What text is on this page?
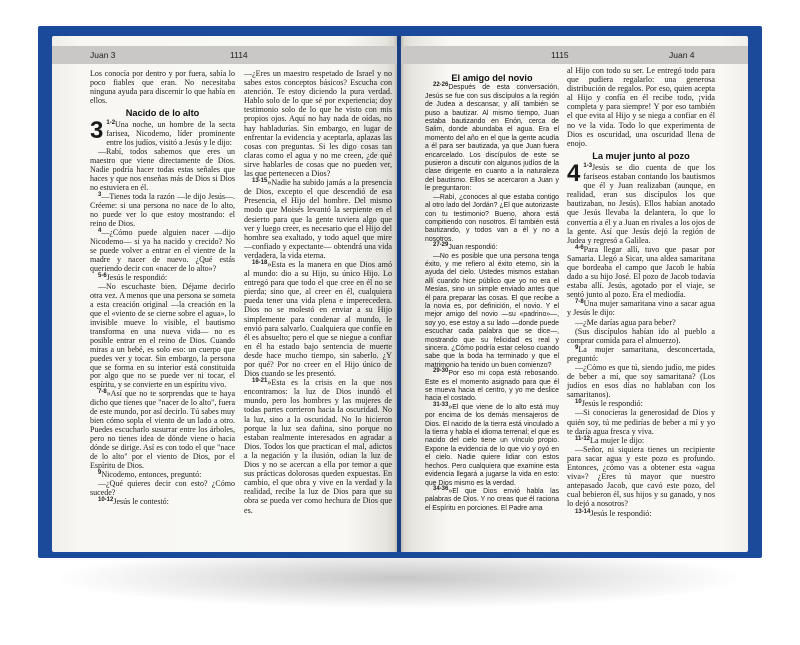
Juan 3	1114

Los conocía por dentro y por fuera, sabía lo poco fiables que eran. No necesitaba ninguna ayuda para discernir lo que había en ellos.

Nacido de lo alto

3 $^{1-2}$Una noche, un hombre de la secta farisea, Nicodemo, líder prominente entre los judíos, visitó a Jesús y le dijo:

—Rabí, todos sabemos que eres un maestro que viene directamente de Dios. Nadie podría hacer todas estas señales que haces y que nos enseñas más de Dios si Dios no estuviera en él.

$^3$—Tienes toda la razón —le dijo Jesús—. Créeme: si una persona no nace de lo alto, no puede ver lo que estoy mostrando: el reino de Dios.

$^4$—¿Cómo puede alguien nacer —dijo Nicodemo— si ya ha nacido y crecido? No se puede volver a entrar en el vientre de la madre y nacer de nuevo. ¿Qué estás queriendo decir con «nacer de lo alto»?

$^{5-6}$Jesús le respondió:

—No escuchaste bien. Déjame decirlo otra vez. A menos que una persona se someta a esta creación original —la creación en la que el «viento de se cierne sobre el agua», lo invisible mueve lo visible, el bautismo transforma en una nueva vida— no es posible entrar en el reino de Dios. Cuando miras a un bebé, es solo eso: un cuerpo que puedes ver y tocar. Sin embargo, la persona que se forma en su interior está constituida por algo que no se puede ver ni tocar, el espíritu, y se convierte en un espíritu vivo.

$^{7-8}$»Así que no te sorprendas que te haya dicho que tienes que "nacer de lo alto", fuera de este mundo, por así decirlo. Tú sabes muy bien cómo sopla el viento de un lado a otro. Puedes escucharlo susurrar entre los árboles, pero no tienes idea de dónde viene o hacia dónde se dirige. Así es con todo el que "nace de lo alto" por el viento de Dios, por el Espíritu de Dios.

$^9$Nicodemo, entonces, preguntó:

—¿Qué quieres decir con esto? ¿Cómo sucede?

$^{10-12}$Jesús le contestó:

—¿Eres un maestro respetado de Israel y no sabes estos conceptos básicos? Escucha con atención. Te estoy diciendo la pura verdad. Hablo solo de lo que sé por experiencia; doy testimonio solo de lo que he visto con mis propios ojos. Aquí no hay nada de oídas, no hay habladurías. Sin embargo, en lugar de enfrentar la evidencia y aceptarla, aplazas las cosas con preguntas. Si les digo cosas tan claras como el agua y no me creen, ¿de qué sirve hablarles de cosas que no pueden ver, las que pertenecen a Dios?

$^{13-15}$»Nadie ha subido jamás a la presencia de Dios, excepto el que descendió de esa Presencia, el Hijo del hombre. Del mismo modo que Moisés levantó la serpiente en el desierto para que la gente tuviera algo que ver y luego creer, es necesario que el Hijo del hombre sea exaltado, y todo aquel que mire —confiado y expectante— obtendrá una vida verdadera, la vida eterna.

$^{16-18}$»Esta es la manera en que Dios amó al mundo: dio a su Hijo, su único Hijo. Lo entregó para que todo el que cree en él no se pierda; sino que, al creer en él, cualquiera pueda tener una vida plena e imperecedera. Dios no se molestó en enviar a su Hijo simplemente para condenar al mundo, le envió para salvarlo. Cualquiera que confíe en él es absuelto; pero el que se niegue a confiar en él ha estado bajo sentencia de muerte desde hace mucho tiempo, sin saberlo. ¿Y por qué? Por no creer en el Hijo único de Dios cuando se les presentó.

$^{19-21}$»Esta es la crisis en la que nos encontramos: la luz de Dios inundó el mundo, pero los hombres y las mujeres de todas partes corrieron hacia la oscuridad. No la luz, sino a la oscuridad. No lo hicieron porque la luz sea dañina, sino porque no estaban realmente interesados en agradar a Dios. Todos los que practican el mal, adictos a la negación y la ilusión, odian la luz de Dios y no se acercan a ella por temor a que sus prácticas dolorosas queden expuestas. En cambio, el que obra y vive en la verdad y la realidad, recibe la luz de Dios para que su obra se pueda ver como hechura de Dios que es.

1115	Juan 4
El amigo del novio

$^{22-26}$Después de esta conversación, Jesús se fue con sus discípulos a la región de Judea a descansar, y allí también se puso a bautizar. Al mismo tiempo, Juan estaba bautizando en Enón, cerca de Salim, donde abundaba el agua. Era el momento del año en el que la gente acudía a él para ser bautizada, ya que Juan fuera encarcelado. Los discípulos de este se pusieron a discutir con algunos judíos de la clase dirigente en cuanto a la naturaleza del bautismo. Ellos se acercaron a Juan y le preguntaron:

—Rabí, ¿conoces al que estaba contigo al otro lado del Jordán? ¿El que autorizaste con tu testimonio? Bueno, ahora está compitiendo con nosotros. Él también está bautizando, y todos van a él y no a nosotros.

$^{27-29}$Juan respondió:

—No es posible que una persona tenga éxito, y me refiero al éxito eterno, sin la ayuda del cielo. Ustedes mismos estaban allí cuando hice público que yo no era el Mesías, sino un simple enviado antes que él para preparar las cosas. El que recibe a la novia es, por definición, el novio. Y el mejor amigo del novio —su «padrino»—, soy yo, ese estoy a su lado —donde puede escuchar cada palabra que se dice—, mostrando que su felicidad es real y sincera. ¿Cómo podría estar celoso cuando sabe que la boda ha terminado y que el matrimonio ha tenido un buen comienzo?

$^{29-30}$Por eso mi copa está rebosando. Este es el momento asignado para que él se mueva hacia el centro, y yo me deslice hacia el costado.

$^{31-33}$»El que viene de lo alto está muy por encima de los demás mensajeros de Dios. El nacido de la tierra está vinculado a la tierra y habla el idioma terrenal; el que es nacido del cielo tiene un vínculo propio. Expone la evidencia de lo que vio y oyó en el cielo. Nadie quiere lidiar con estos hechos. Pero cualquiera que examine esta evidencia llegará a jugarse la vida en esto: que Dios mismo es la verdad.

$^{34-36}$»El que Dios envió habla las palabras de Dios. Y no creas que él raciona el Espíritu en porciones. El Padre ama

al Hijo con todo su ser. Le entregó todo para que pudiera regalarlo: una generosa distribución de regalos. Por eso, quien acepta al Hijo y confía en él recibe todo, ¡vida completa y para siempre! Y por eso también el que evita al Hijo y se niega a confiar en él no ve la vida. Todo lo que experimenta de Dios es oscuridad, una oscuridad llena de enojo.

La mujer junto al pozo

4 $^{1-3}$Jesús se dio cuenta de que los fariseos estaban contando los bautismos que él y Juan realizaban (aunque, en realidad, eran sus discípulos los que bautizaban, no Jesús). Ellos habían anotado que Jesús llevaba la delantera, lo que lo convertía a él y a Juan en rivales a los ojos de la gente. Así que Jesús dejó la región de Judea y regresó a Galilea.

$^{4-6}$Para llegar allí, tuvo que pasar por Samaria. Llegó a Sicar, una aldea samaritana que bordeaba el campo que Jacob le había dado a su hijo José. El pozo de Jacob todavía estaba allí. Jesús, agotado por el viaje, se sentó junto al pozo. Era el mediodía.

$^{7-8}$Una mujer samaritana vino a sacar agua y Jesús le dijo:

—¿Me darías agua para beber?

(Sus discípulos habían ido al pueblo a comprar comida para el almuerzo).

$^9$La mujer samaritana, desconcertada, preguntó:

—¿Cómo es que tú, siendo judío, me pides de beber a mí, que soy samaritana? (Los judíos en esos días no hablaban con los samaritanos).

$^{10}$Jesús le respondió:

—Si conocieras la generosidad de Dios y quién soy, tú me pedirías de beber a mí y yo te daría agua fresca y viva.

$^{11-12}$La mujer le dijo:

—Señor, ni siquiera tienes un recipiente para sacar agua y este pozo es profundo. Entonces, ¿cómo vas a obtener esta «agua viva»? ¿Eres tú mayor que nuestro antepasado Jacob, que cavó este pozo, del cual bebieron él, sus hijos y su ganado, y nos lo dejó a nosotros?

$^{13-14}$Jesús le respondió:
